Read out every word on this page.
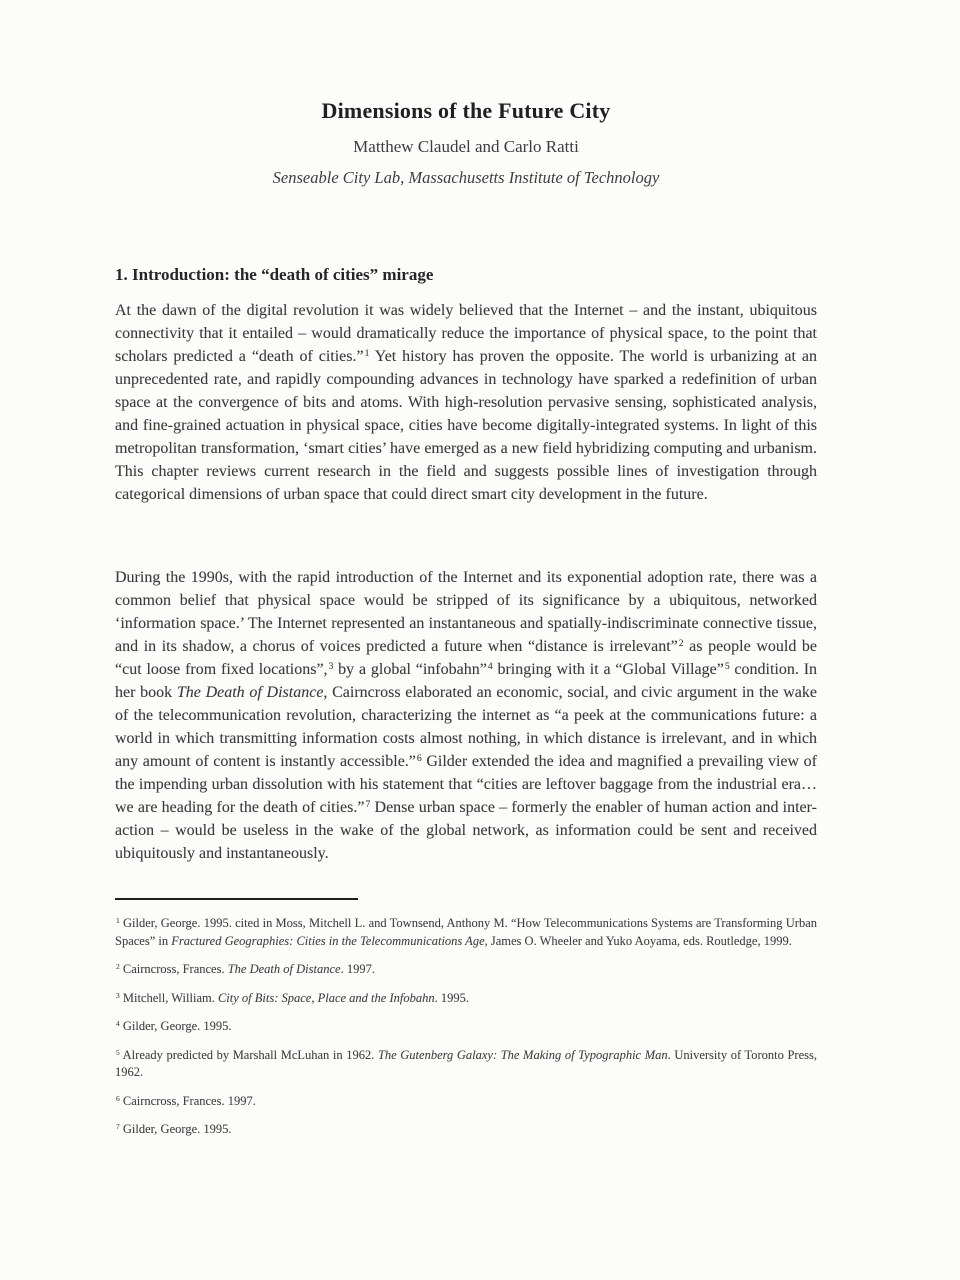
Dimensions of the Future City
Matthew Claudel and Carlo Ratti
Senseable City Lab, Massachusetts Institute of Technology
1. Introduction: the “death of cities” mirage

At the dawn of the digital revolution it was widely believed that the Internet – and the instant, ubiquitous connectivity that it entailed – would dramatically reduce the importance of physical space, to the point that scholars predicted a “death of cities.”$^1$ Yet history has proven the opposite. The world is urbanizing at an unprecedented rate, and rapidly compounding advances in technology have sparked a redefinition of urban space at the convergence of bits and atoms. With high-resolution pervasive sensing, sophisticated analysis, and fine-grained actuation in physical space, cities have become digitally-integrated systems. In light of this metropolitan transformation, ‘smart cities’ have emerged as a new field hybridizing computing and urbanism. This chapter reviews current research in the field and suggests possible lines of investigation through categorical dimensions of urban space that could direct smart city development in the future.

During the 1990s, with the rapid introduction of the Internet and its exponential adoption rate, there was a common belief that physical space would be stripped of its significance by a ubiquitous, networked ‘information space.’ The Internet represented an instantaneous and spatially-indiscriminate connective tissue, and in its shadow, a chorus of voices predicted a future when “distance is irrelevant”$^2$ as people would be “cut loose from fixed locations”,$^3$ by a global “infobahn”$^4$ bringing with it a “Global Village”$^5$ condition. In her book The Death of Distance, Cairncross elaborated an economic, social, and civic argument in the wake of the telecommunication revolution, characterizing the internet as “a peek at the communications future: a world in which transmitting information costs almost nothing, in which distance is irrelevant, and in which any amount of content is instantly accessible.”$^6$ Gilder extended the idea and magnified a prevailing view of the impending urban dissolution with his statement that “cities are leftover baggage from the industrial era… we are heading for the death of cities.”$^7$ Dense urban space – formerly the enabler of human action and inter-action – would be useless in the wake of the global network, as information could be sent and received ubiquitously and instantaneously.

$^1$ Gilder, George. 1995. cited in Moss, Mitchell L. and Townsend, Anthony M. “How Telecommunications Systems are Transforming Urban Spaces” in Fractured Geographies: Cities in the Telecommunications Age, James O. Wheeler and Yuko Aoyama, eds. Routledge, 1999.

$^2$ Cairncross, Frances. The Death of Distance. 1997.

$^3$ Mitchell, William. City of Bits: Space, Place and the Infobahn. 1995.

$^4$ Gilder, George. 1995.

$^5$ Already predicted by Marshall McLuhan in 1962. The Gutenberg Galaxy: The Making of Typographic Man. University of Toronto Press, 1962.

$^6$ Cairncross, Frances. 1997.

$^7$ Gilder, George. 1995.
